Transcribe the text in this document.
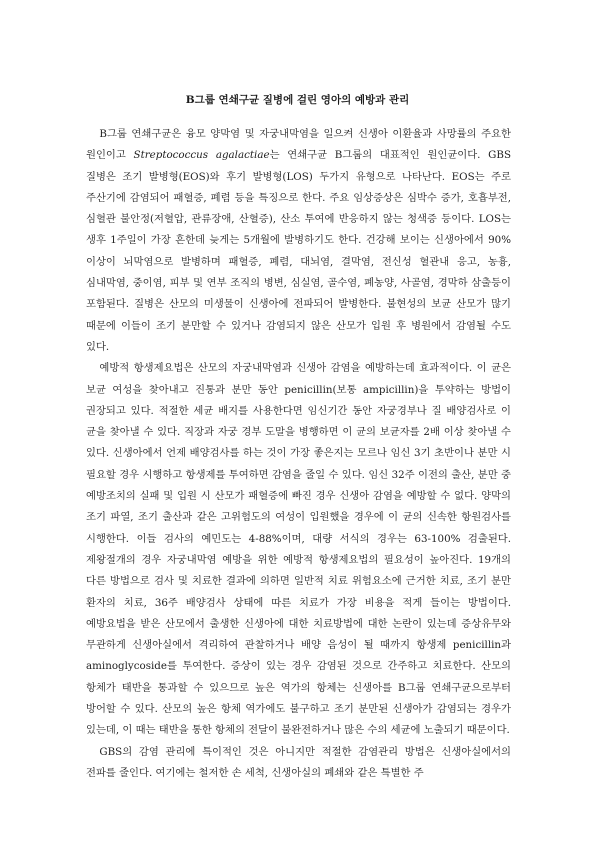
B그룹 연쇄구균 질병에 걸린 영아의 예방과 관리

B그룹 연쇄구균은 융모 양막염 및 자궁내막염을 일으켜 신생아 이환율과 사망률의 주요한 원인이고 Streptococcus agalactiae는 연쇄구균 B그룹의 대표적인 원인균이다. GBS 질병은 조기 발병형(EOS)와 후기 발병형(LOS) 두가지 유형으로 나타난다. EOS는 주로 주산기에 감염되어 패혈증, 폐렴 등을 특징으로 한다. 주요 임상증상은 심박수 증가, 호흡부전, 심혈관 불안정(저혈압, 관류장애, 산혈증), 산소 투여에 반응하지 않는 청색증 등이다. LOS는 생후 1주일이 가장 흔한데 늦게는 5개월에 발병하기도 한다. 건강해 보이는 신생아에서 90% 이상이 뇌막염으로 발병하며 패혈증, 폐렴, 대뇌염, 결막염, 전신성 혈관내 응고, 농흉, 심내막염, 중이염, 피부 및 연부 조직의 병변, 심실염, 골수염, 폐농양, 사골염, 경막하 삼출등이 포함된다. 질병은 산모의 미생물이 신생아에 전파되어 발병한다. 불현성의 보균 산모가 많기 때문에 이들이 조기 분만할 수 있거나 감염되지 않은 산모가 입원 후 병원에서 감염될 수도 있다.

예방적 항생제요법은 산모의 자궁내막염과 신생아 감염을 예방하는데 효과적이다. 이 균은 보균 여성을 찾아내고 진통과 분만 동안 penicillin(보통 ampicillin)을 투약하는 방법이 권장되고 있다. 적절한 세균 배지를 사용한다면 임신기간 동안 자궁경부나 질 배양검사로 이 균을 찾아낼 수 있다. 직장과 자궁 경부 도말을 병행하면 이 균의 보균자를 2배 이상 찾아낼 수 있다. 신생아에서 언제 배양검사를 하는 것이 가장 좋은지는 모르나 임신 3기 초반이나 분만 시 필요할 경우 시행하고 항생제를 투여하면 감염을 줄일 수 있다. 임신 32주 이전의 출산, 분만 중 예방조치의 실패 및 입원 시 산모가 패혈증에 빠진 경우 신생아 감염을 예방할 수 없다. 양막의 조기 파열, 조기 출산과 같은 고위험도의 여성이 입원했을 경우에 이 균의 신속한 항원검사를 시행한다. 이들 검사의 예민도는 4-88%이며, 대량 서식의 경우는 63-100% 검출된다. 제왕절개의 경우 자궁내막염 예방을 위한 예방적 항생제요법의 필요성이 높아진다. 19개의 다른 방법으로 검사 및 치료한 결과에 의하면 일반적 치료 위험요소에 근거한 치료, 조기 분만 환자의 치료, 36주 배양검사 상태에 따른 치료가 가장 비용을 적게 들이는 방법이다. 예방요법을 받은 산모에서 출생한 신생아에 대한 치료방법에 대한 논란이 있는데 증상유무와 무관하게 신생아실에서 격리하여 관찰하거나 배양 음성이 될 때까지 항생제 penicillin과 aminoglycoside를 투여한다. 증상이 있는 경우 감염된 것으로 간주하고 치료한다. 산모의 항체가 태반을 통과할 수 있으므로 높은 역가의 항체는 신생아를 B그룹 연쇄구균으로부터 방어할 수 있다. 산모의 높은 항체 역가에도 불구하고 조기 분만된 신생아가 감염되는 경우가 있는데, 이 때는 태반을 통한 항체의 전달이 불완전하거나 많은 수의 세균에 노출되기 때문이다.

GBS의 감염 관리에 특이적인 것은 아니지만 적절한 감염관리 방법은 신생아실에서의 전파를 줄인다. 여기에는 철저한 손 세척, 신생아실의 폐쇄와 같은 특별한 주
